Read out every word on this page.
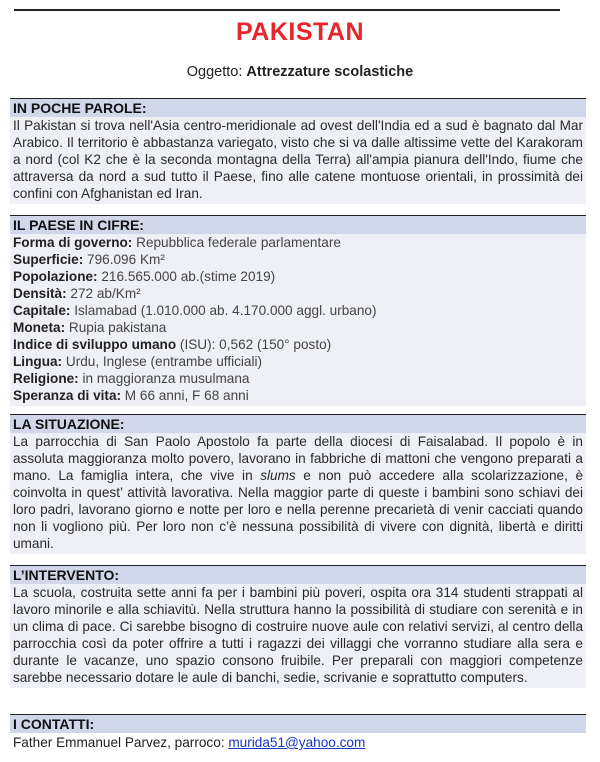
PAKISTAN
Oggetto: Attrezzature scolastiche
IN POCHE PAROLE:
Il Pakistan si trova nell'Asia centro-meridionale ad ovest dell'India ed a sud è bagnato dal Mar Arabico. Il territorio è abbastanza variegato, visto che si va dalle altissime vette del Karakoram a nord (col K2 che è la seconda montagna della Terra) all'ampia pianura dell'Indo, fiume che attraversa da nord a sud tutto il Paese, fino alle catene montuose orientali, in prossimità dei confini con Afghanistan ed Iran.
IL PAESE IN CIFRE:
Forma di governo: Repubblica federale parlamentare
Superficie: 796.096 Km²
Popolazione: 216.565.000 ab.(stime 2019)
Densità: 272 ab/Km²
Capitale: Islamabad (1.010.000 ab. 4.170.000 aggl. urbano)
Moneta: Rupia pakistana
Indice di sviluppo umano (ISU): 0,562 (150° posto)
Lingua: Urdu, Inglese (entrambe ufficiali)
Religione: in maggioranza musulmana
Speranza di vita: M 66 anni, F 68 anni
LA SITUAZIONE:
La parrocchia di San Paolo Apostolo fa parte della diocesi di Faisalabad. Il popolo è in assoluta maggioranza molto povero, lavorano in fabbriche di mattoni che vengono preparati a mano. La famiglia intera, che vive in slums e non può accedere alla scolarizzazione, è coinvolta in quest’ attività lavorativa. Nella maggior parte di queste i bambini sono schiavi dei loro padri, lavorano giorno e notte per loro e nella perenne precarietà di venir cacciati quando non li vogliono più. Per loro non c’è nessuna possibilità di vivere con dignità, libertà e diritti umani.
L’INTERVENTO:
La scuola, costruita sette anni fa per i bambini più poveri, ospita ora 314 studenti strappati al lavoro minorile e alla schiavitù. Nella struttura hanno la possibilità di studiare con serenità e in un clima di pace. Ci sarebbe bisogno di costruire nuove aule con relativi servizi, al centro della parrocchia così da poter offrire a tutti i ragazzi dei villaggi che vorranno studiare alla sera e durante le vacanze, uno spazio consono fruibile. Per preparali con maggiori competenze sarebbe necessario dotare le aule di banchi, sedie, scrivanie e soprattutto computers.
I CONTATTI:
Father Emmanuel Parvez, parroco: murida51@yahoo.com
